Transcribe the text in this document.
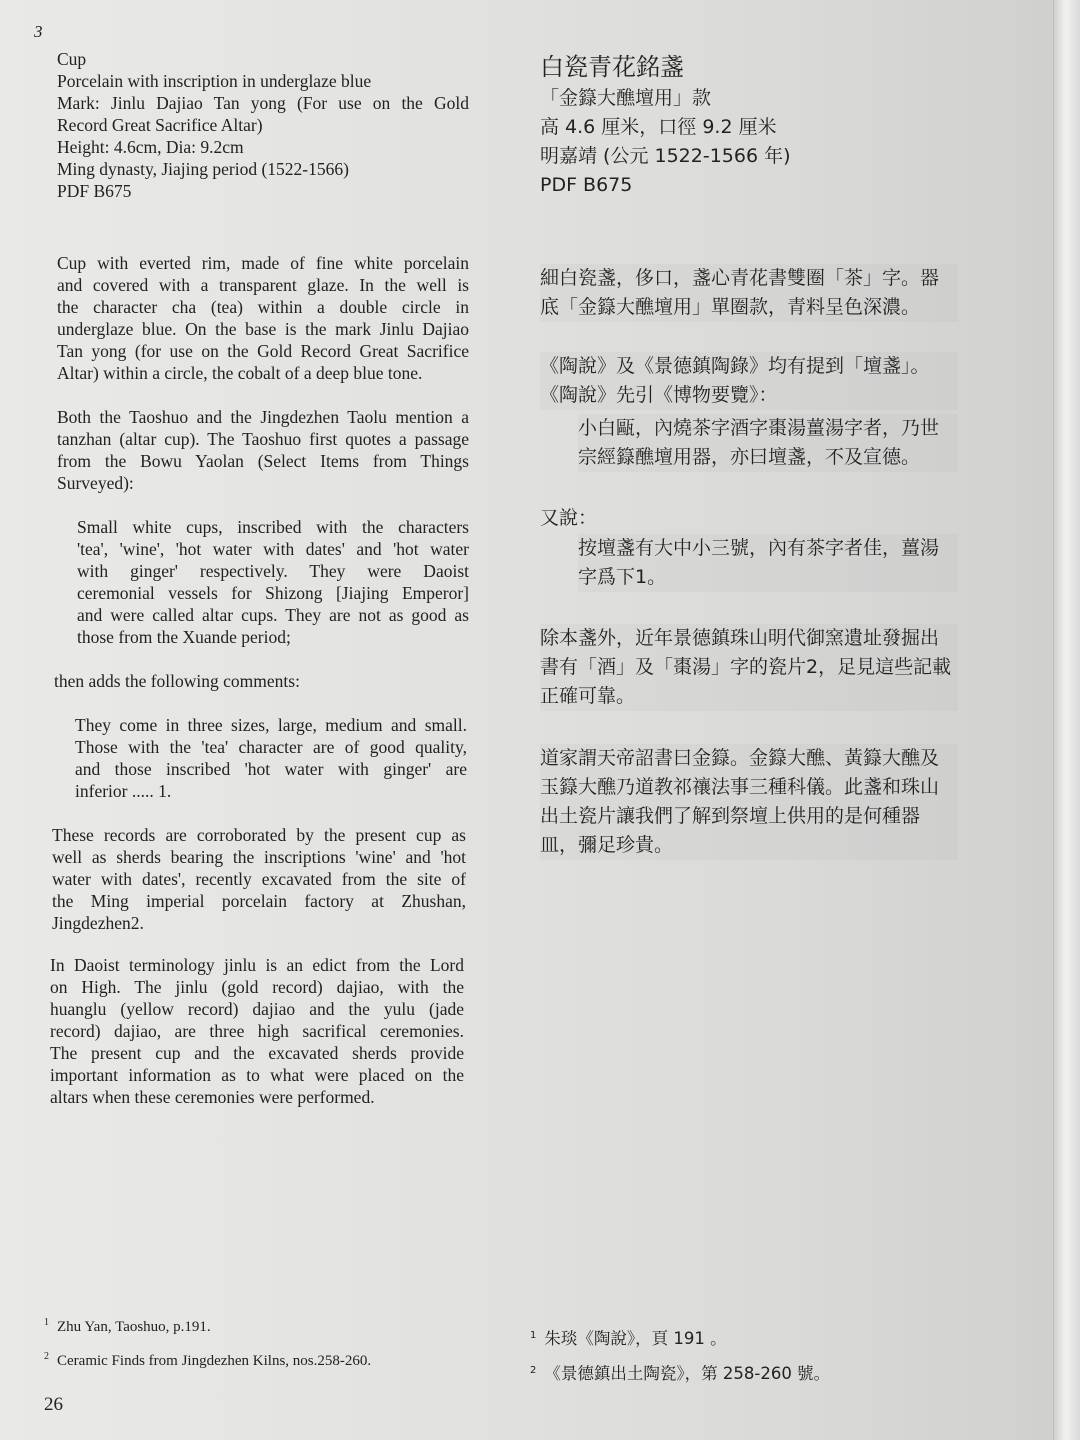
3
Cup
Porcelain with inscription in underglaze blue
Mark: Jinlu Dajiao Tan yong (For use on the Gold
Record Great Sacrifice Altar)
Height: 4.6cm, Dia: 9.2cm
Ming dynasty, Jiajing period (1522-1566)
PDF B675
Cup with everted rim, made of fine white porcelain
and covered with a transparent glaze. In the well is
the character cha (tea) within a double circle in
underglaze blue. On the base is the mark Jinlu Dajiao
Tan yong (for use on the Gold Record Great Sacrifice
Altar) within a circle, the cobalt of a deep blue tone.
Both the Taoshuo and the Jingdezhen Taolu mention a
tanzhan (altar cup). The Taoshuo first quotes a passage
from the Bowu Yaolan (Select Items from Things
Surveyed):
Small white cups, inscribed with the characters
'tea', 'wine', 'hot water with dates' and 'hot water
with ginger' respectively. They were Daoist
ceremonial vessels for Shizong [Jiajing Emperor]
and were called altar cups. They are not as good as
those from the Xuande period;
then adds the following comments:
They come in three sizes, large, medium and small.
Those with the 'tea' character are of good quality,
and those inscribed 'hot water with ginger' are
inferior ..... 1.
These records are corroborated by the present cup as
well as sherds bearing the inscriptions 'wine' and 'hot
water with dates', recently excavated from the site of
the Ming imperial porcelain factory at Zhushan,
Jingdezhen2.
In Daoist terminology jinlu is an edict from the Lord
on High. The jinlu (gold record) dajiao, with the
huanglu (yellow record) dajiao and the yulu (jade
record) dajiao, are three high sacrifical ceremonies.
The present cup and the excavated sherds provide
important information as to what were placed on the
altars when these ceremonies were performed.
白瓷青花銘盞
「金籙大醮壇用」款
高 4.6 厘米，口徑 9.2 厘米
明嘉靖 (公元 1522-1566 年)
PDF B675
細白瓷盞，侈口，盞心青花書雙圈「茶」字。器
底「金籙大醮壇用」單圈款，青料呈色深濃。
《陶說》及《景德鎮陶錄》均有提到「壇盞」。
《陶說》先引《博物要覽》：
小白甌，內燒茶字酒字棗湯薑湯字者，乃世
宗經籙醮壇用器，亦曰壇盞，不及宣德。
又說：
按壇盞有大中小三號，內有茶字者佳，薑湯
字爲下1。
除本盞外，近年景德鎮珠山明代御窯遺址發掘出
書有「酒」及「棗湯」字的瓷片2，足見這些記載
正確可靠。
道家謂天帝詔書曰金籙。金籙大醮、黃籙大醮及
玉籙大醮乃道教祁禳法事三種科儀。此盞和珠山
出土瓷片讓我們了解到祭壇上供用的是何種器
皿，彌足珍貴。
$^1$ Zhu Yan, Taoshuo, p.191.
$^2$ Ceramic Finds from Jingdezhen Kilns, nos.258-260.
$^1$ 朱琰《陶說》，頁 191 。
$^2$ 《景德鎮出土陶瓷》，第 258-260 號。
26
